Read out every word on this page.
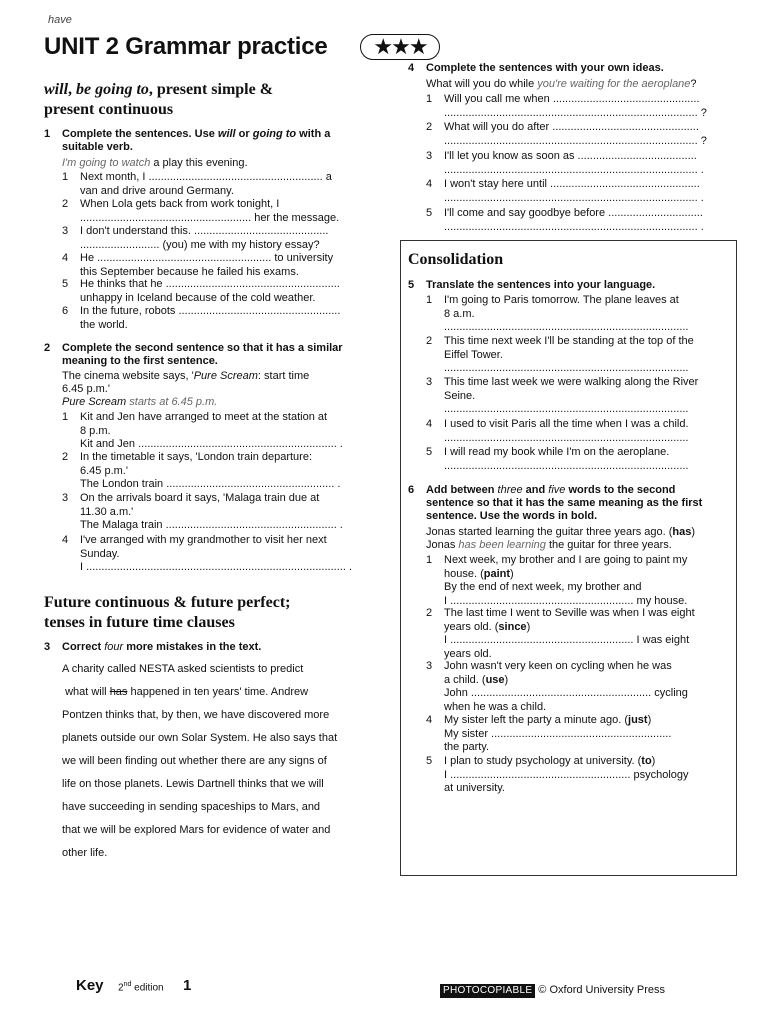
have
UNIT 2 Grammar practice	★★★
will, be going to, present simple &
present continuous
1 Complete the sentences. Use will or going to with a
suitable verb.
I'm going to watch a play this evening.
1 Next month, I ......................................................... a
van and drive around Germany.
2 When Lola gets back from work tonight, I
........................................................ her the message.
3 I don't understand this. ............................................
.......................... (you) me with my history essay?
4 He ......................................................... to university
this September because he failed his exams.
5 He thinks that he .........................................................
unhappy in Iceland because of the cold weather.
6 In the future, robots .....................................................
the world.
2 Complete the second sentence so that it has a similar
meaning to the first sentence.
The cinema website says, 'Pure Scream: start time
6.45 p.m.'
Pure Scream starts at 6.45 p.m.
1 Kit and Jen have arranged to meet at the station at
8 p.m.
Kit and Jen ................................................................. .
2 In the timetable it says, 'London train departure:
6.45 p.m.'
The London train ....................................................... .
3 On the arrivals board it says, 'Malaga train due at
11.30 a.m.'
The Malaga train ........................................................ .
4 I've arranged with my grandmother to visit her next
Sunday.
I ..................................................................................... .
Future continuous & future perfect;
tenses in future time clauses
3 Correct four more mistakes in the text.
A charity called NESTA asked scientists to predict
what will has happened in ten years' time. Andrew
Pontzen thinks that, by then, we have discovered more
planets outside our own Solar System. He also says that
we will been finding out whether there are any signs of
life on those planets. Lewis Dartnell thinks that we will
have succeeding in sending spaceships to Mars, and
that we will be explored Mars for evidence of water and
other life.
4 Complete the sentences with your own ideas.
What will you do while you're waiting for the aeroplane?
1 Will you call me when ................................................
................................................................................... ?
2 What will you do after ................................................
................................................................................... ?
3 I'll let you know as soon as .......................................
................................................................................... .
4 I won't stay here until .................................................
................................................................................... .
5 I'll come and say goodbye before ...............................
................................................................................... .
Consolidation
5 Translate the sentences into your language.
1 I'm going to Paris tomorrow. The plane leaves at
8 a.m.
................................................................................
2 This time next week I'll be standing at the top of the
Eiffel Tower.
................................................................................
3 This time last week we were walking along the River
Seine.
................................................................................
4 I used to visit Paris all the time when I was a child.
................................................................................
5 I will read my book while I'm on the aeroplane.
................................................................................
6 Add between three and five words to the second
sentence so that it has the same meaning as the first
sentence. Use the words in bold.
Jonas started learning the guitar three years ago. (has)
Jonas has been learning the guitar for three years.
1 Next week, my brother and I are going to paint my
house. (paint)
By the end of next week, my brother and
I ............................................................ my house.
2 The last time I went to Seville was when I was eight
years old. (since)
I ............................................................ I was eight
years old.
3 John wasn't very keen on cycling when he was
a child. (use)
John ........................................................... cycling
when he was a child.
4 My sister left the party a minute ago. (just)
My sister ...........................................................
the party.
5 I plan to study psychology at university. (to)
I ........................................................... psychology
at university.
Key 2nd edition 1	PHOTOCOPIABLE © Oxford University Press
